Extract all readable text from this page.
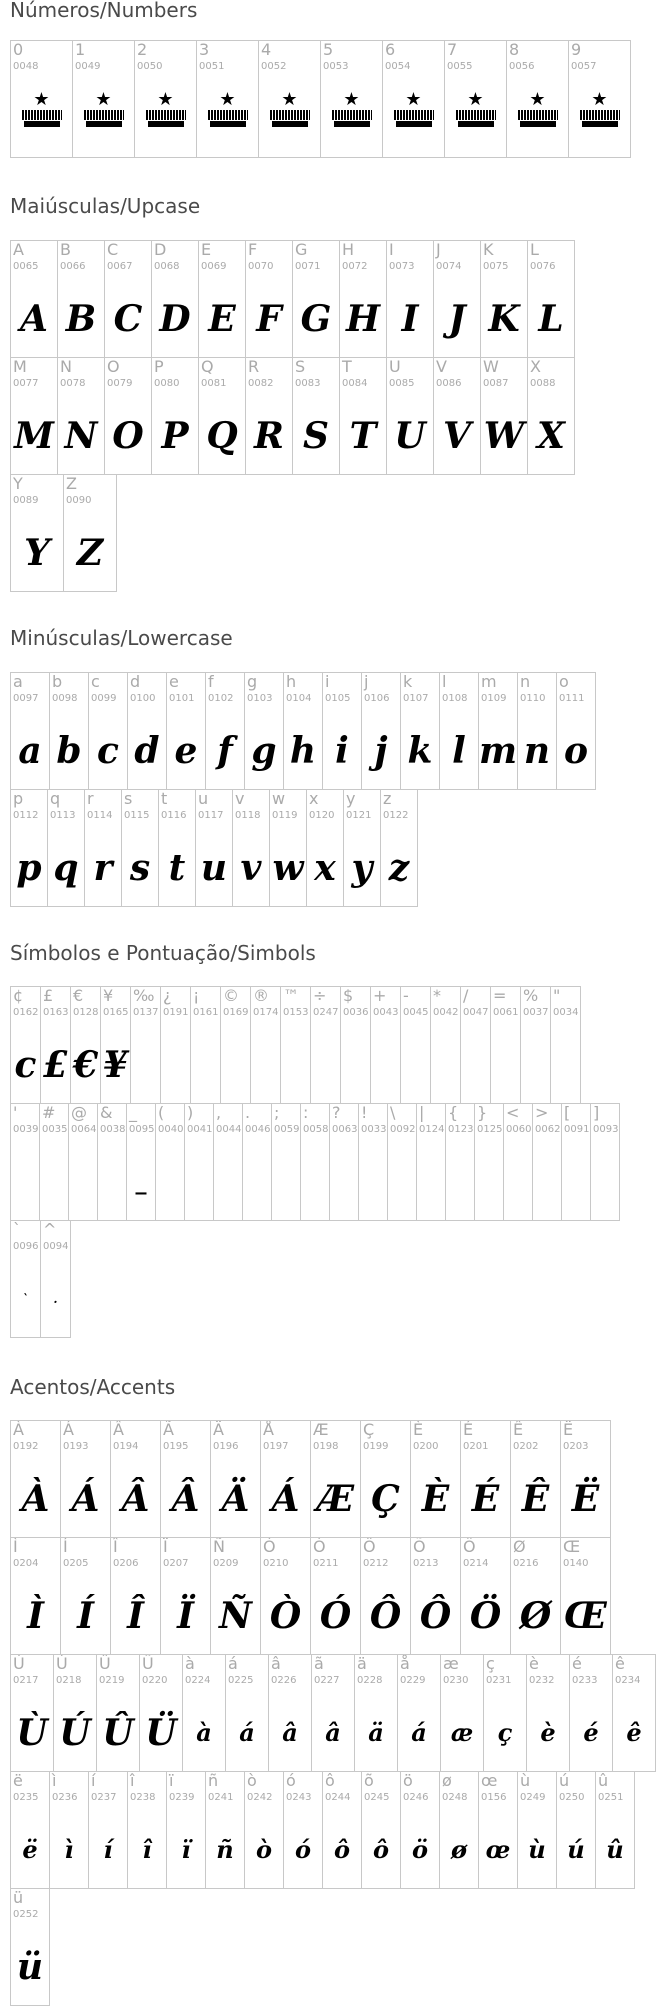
Números/Numbers
0
0048
★
1
0049
★
2
0050
★
3
0051
★
4
0052
★
5
0053
★
6
0054
★
7
0055
★
8
0056
★
9
0057
★
Maiúsculas/Upcase
A
0065
A
B
0066
B
C
0067
C
D
0068
D
E
0069
E
F
0070
F
G
0071
G
H
0072
H
I
0073
I
J
0074
J
K
0075
K
L
0076
L
M
0077
M
N
0078
N
O
0079
O
P
0080
P
Q
0081
Q
R
0082
R
S
0083
S
T
0084
T
U
0085
U
V
0086
V
W
0087
W
X
0088
X
Y
0089
Y
Z
0090
Z
Minúsculas/Lowercase
a
0097
a
b
0098
b
c
0099
c
d
0100
d
e
0101
e
f
0102
f
g
0103
g
h
0104
h
i
0105
i
j
0106
j
k
0107
k
l
0108
l
m
0109
m
n
0110
n
o
0111
o
p
0112
p
q
0113
q
r
0114
r
s
0115
s
t
0116
t
u
0117
u
v
0118
v
w
0119
w
x
0120
x
y
0121
y
z
0122
z
Símbolos e Pontuação/Simbols
¢
0162
c
£
0163
£
€
0128
€
¥
0165
¥
‰
0137
¿
0191
¡
0161
©
0169
®
0174
™
0153
÷
0247
$
0036
+
0043
-
0045
*
0042
/
0047
=
0061
%
0037
"
0034
'
0039
#
0035
@
0064
&
0038
_
0095
_
(
0040
)
0041
,
0044
.
0046
;
0059
:
0058
?
0063
!
0033
\
0092
|
0124
{
0123
}
0125
<
0060
>
0062
[
0091
]
0093
`
0096
`
^
0094
.
Acentos/Accents
À
0192
À
Á
0193
Á
Â
0194
Â
Ã
0195
Â
Ä
0196
Ä
Å
0197
Á
Æ
0198
Æ
Ç
0199
Ç
È
0200
È
É
0201
É
Ê
0202
Ê
Ë
0203
Ë
Ì
0204
Ì
Í
0205
Í
Î
0206
Î
Ï
0207
Ï
Ñ
0209
Ñ
Ò
0210
Ò
Ó
0211
Ó
Ô
0212
Ô
Õ
0213
Ô
Ö
0214
Ö
Ø
0216
Ø
Œ
0140
Œ
Ù
0217
Ù
Ú
0218
Ú
Û
0219
Û
Ü
0220
Ü
à
0224
à
á
0225
á
â
0226
â
ã
0227
â
ä
0228
ä
å
0229
á
æ
0230
æ
ç
0231
ç
è
0232
è
é
0233
é
ê
0234
ê
ë
0235
ë
ì
0236
ì
í
0237
í
î
0238
î
ï
0239
ï
ñ
0241
ñ
ò
0242
ò
ó
0243
ó
ô
0244
ô
õ
0245
ô
ö
0246
ö
ø
0248
ø
œ
0156
œ
ù
0249
ù
ú
0250
ú
û
0251
û
ü
0252
ü
